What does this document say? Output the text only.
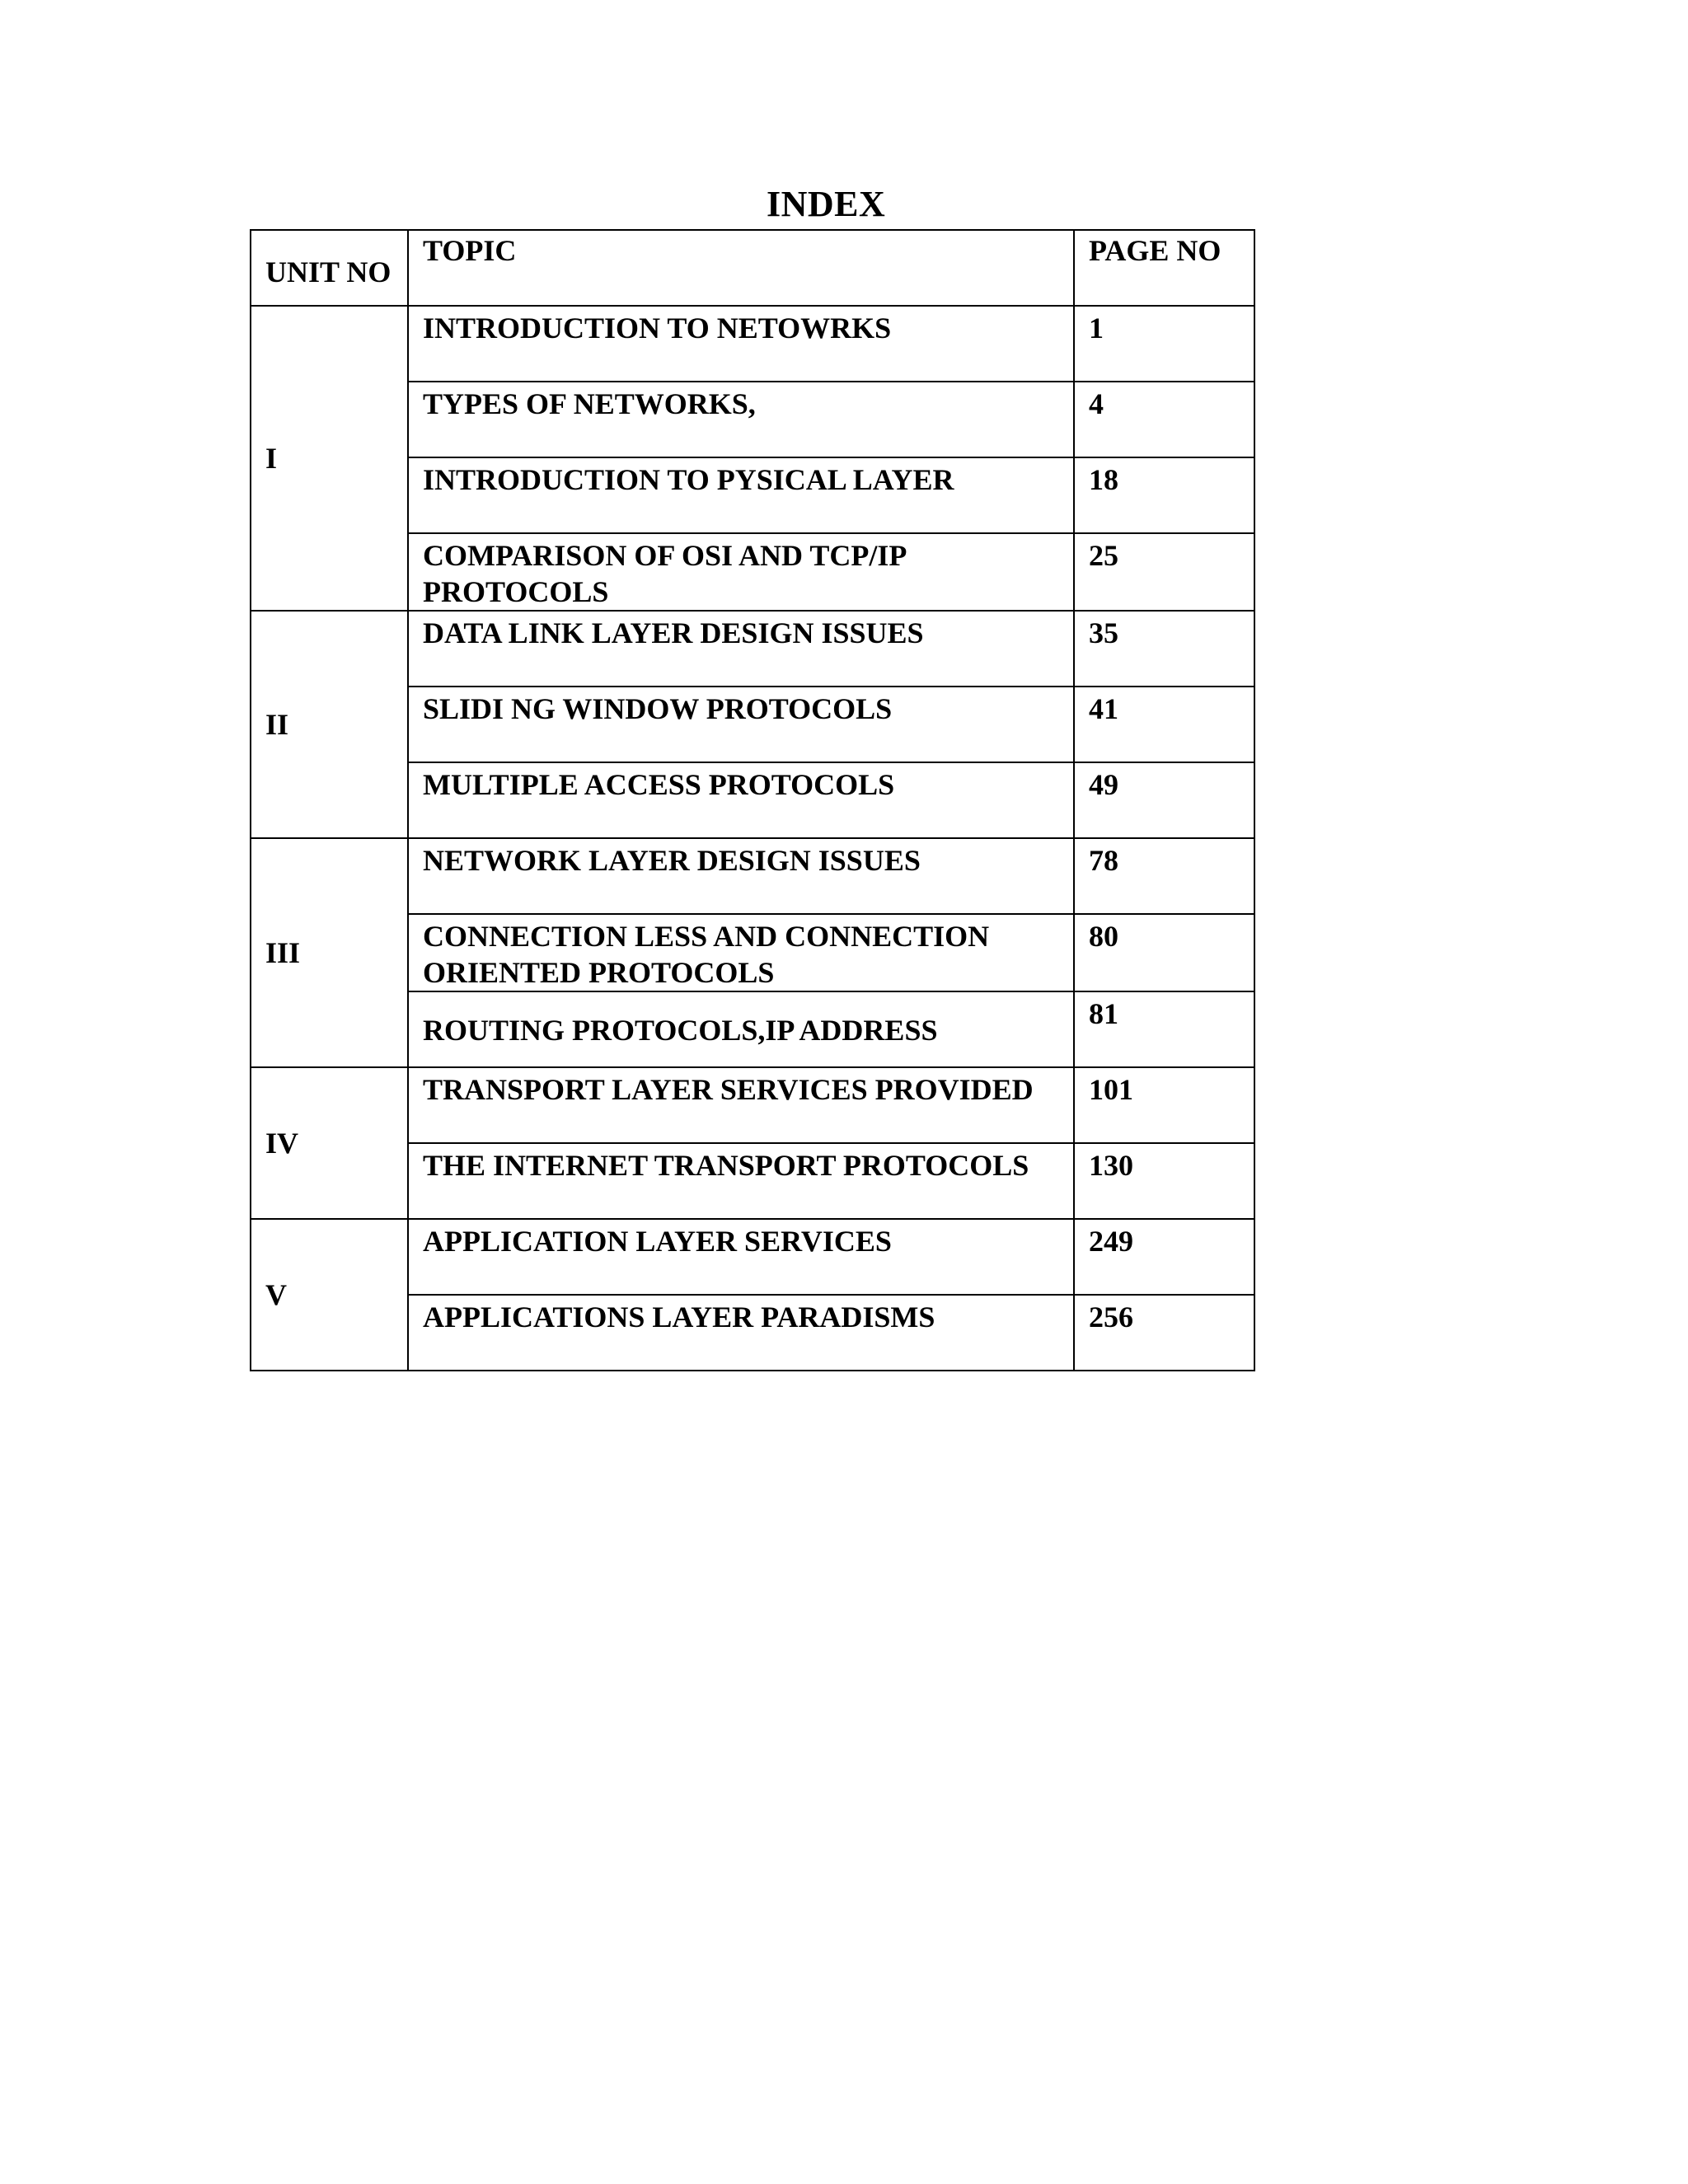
INDEX
UNIT NO	TOPIC	PAGE NO
I	INTRODUCTION TO NETOWRKS	1
	TYPES OF NETWORKS,	4
	INTRODUCTION TO PYSICAL LAYER	18
	COMPARISON OF OSI AND TCP/IP PROTOCOLS	25
II	DATA LINK LAYER DESIGN ISSUES	35
	SLIDI NG WINDOW PROTOCOLS	41
	MULTIPLE ACCESS PROTOCOLS	49
III	NETWORK LAYER DESIGN ISSUES	78
	CONNECTION LESS AND CONNECTION ORIENTED PROTOCOLS	80
	ROUTING PROTOCOLS,IP ADDRESS	81
IV	TRANSPORT LAYER SERVICES PROVIDED	101
	THE INTERNET TRANSPORT PROTOCOLS	130
V	APPLICATION LAYER SERVICES	249
	APPLICATIONS LAYER PARADISMS	256
